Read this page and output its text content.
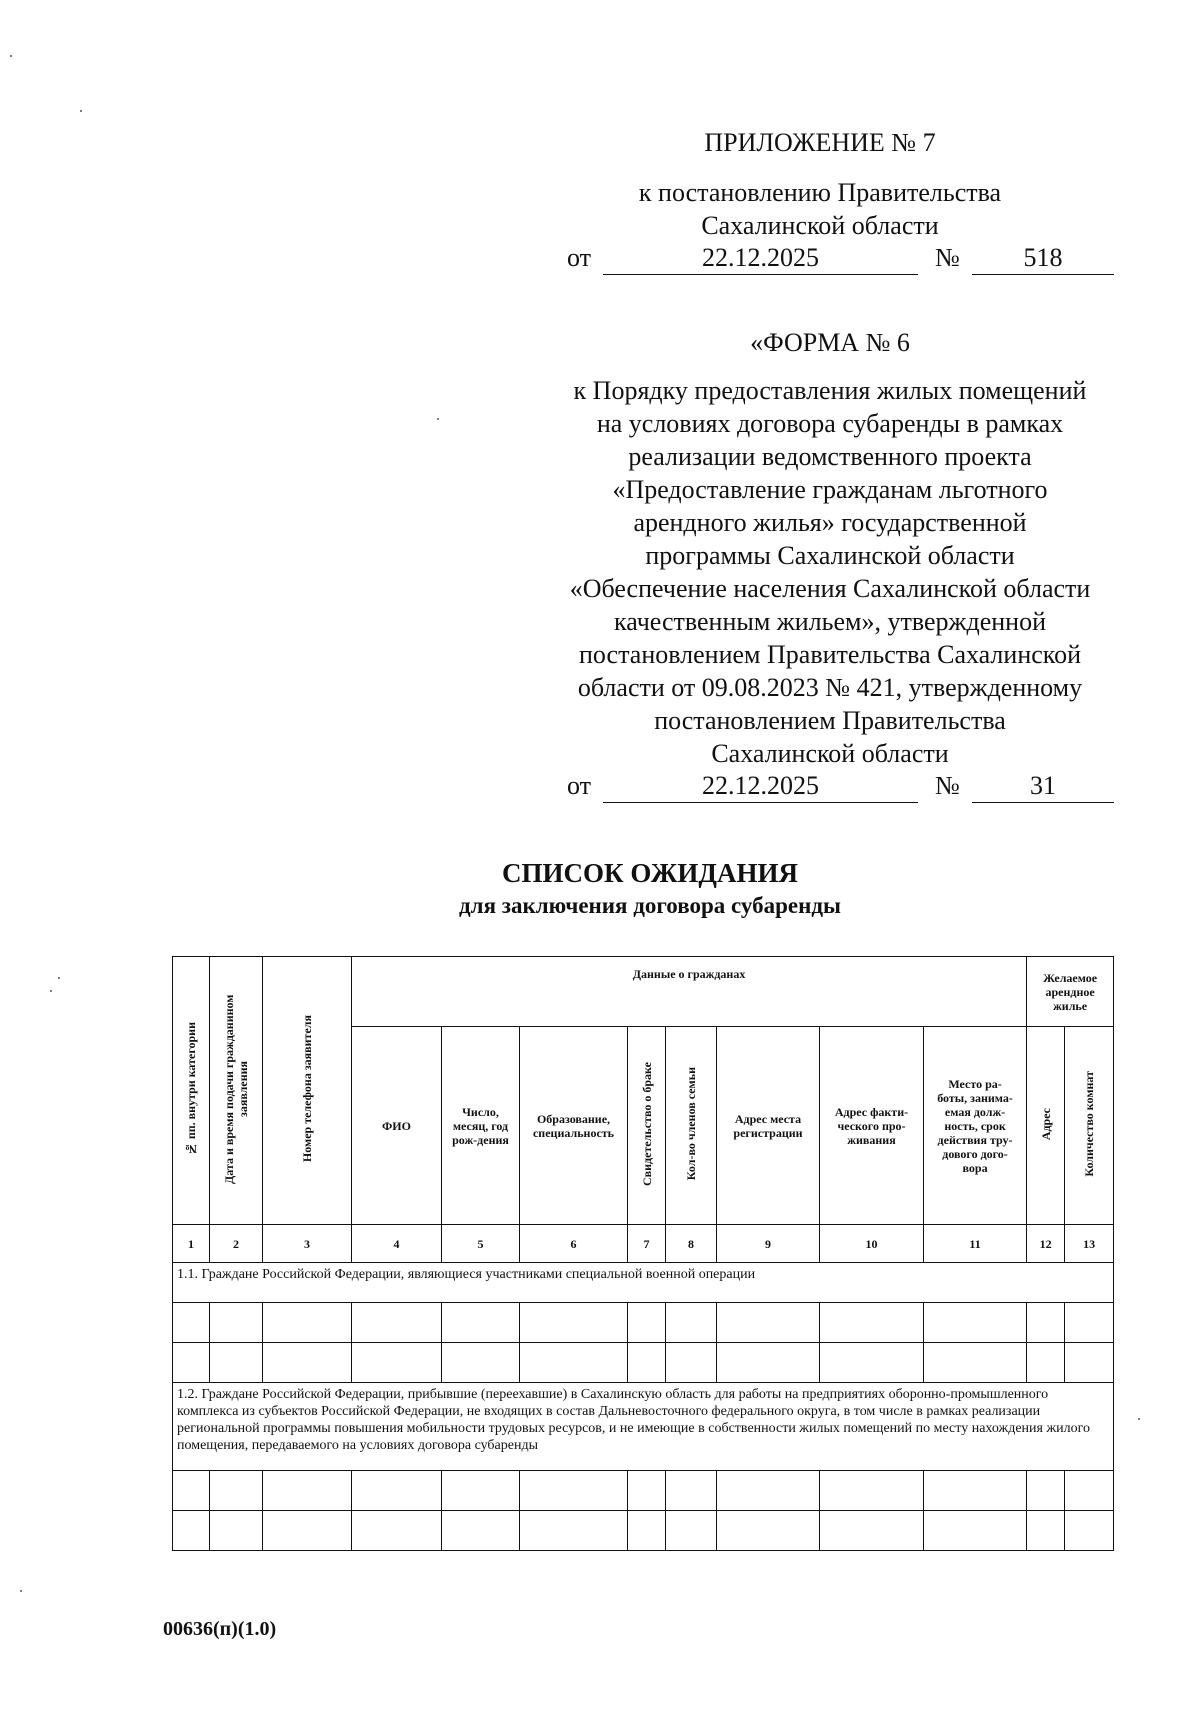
ПРИЛОЖЕНИЕ № 7
к постановлению Правительства
Сахалинской области
от	22.12.2025	№	518
«ФОРМА № 6
к Порядку предоставления жилых помещений
на условиях договора субаренды в рамках
реализации ведомственного проекта
«Предоставление гражданам льготного
арендного жилья» государственной
программы Сахалинской области
«Обеспечение населения Сахалинской области
качественным жильем», утвержденной
постановлением Правительства Сахалинской
области от 09.08.2023 № 421, утвержденному
постановлением Правительства
Сахалинской области
от	22.12.2025	№	31
СПИСОК ОЖИДАНИЯ
для заключения договора субаренды
№ пп. внутри категории	Дата и время подачи гражданином заявления	Номер телефона заявителя	Данные о гражданах								Желаемое арендное жилье	
			ФИО	Число, месяц, год рож-дения	Образование, специальность	Свидетельство о браке	Кол-во членов семьи	Адрес места регистрации	Адрес факти-ческого про-живания	Место ра-боты, занима-емая долж-ность, срок действия тру-дового дого-вора	Адрес	Количество комнат
1	2	3	4	5	6	7	8	9	10	11	12	13
1.1. Граждане Российской Федерации, являющиеся участниками специальной военной операции												

1.2. Граждане Российской Федерации, прибывшие (переехавшие) в Сахалинскую область для работы на предприятиях оборонно-промышленного комплекса из субъектов Российской Федерации, не входящих в состав Дальневосточного федерального округа, в том числе в рамках реализации региональной программы повышения мобильности трудовых ресурсов, и не имеющие в собственности жилых помещений по месту нахождения жилого помещения, передаваемого на условиях договора субаренды												

00636(п)(1.0)
